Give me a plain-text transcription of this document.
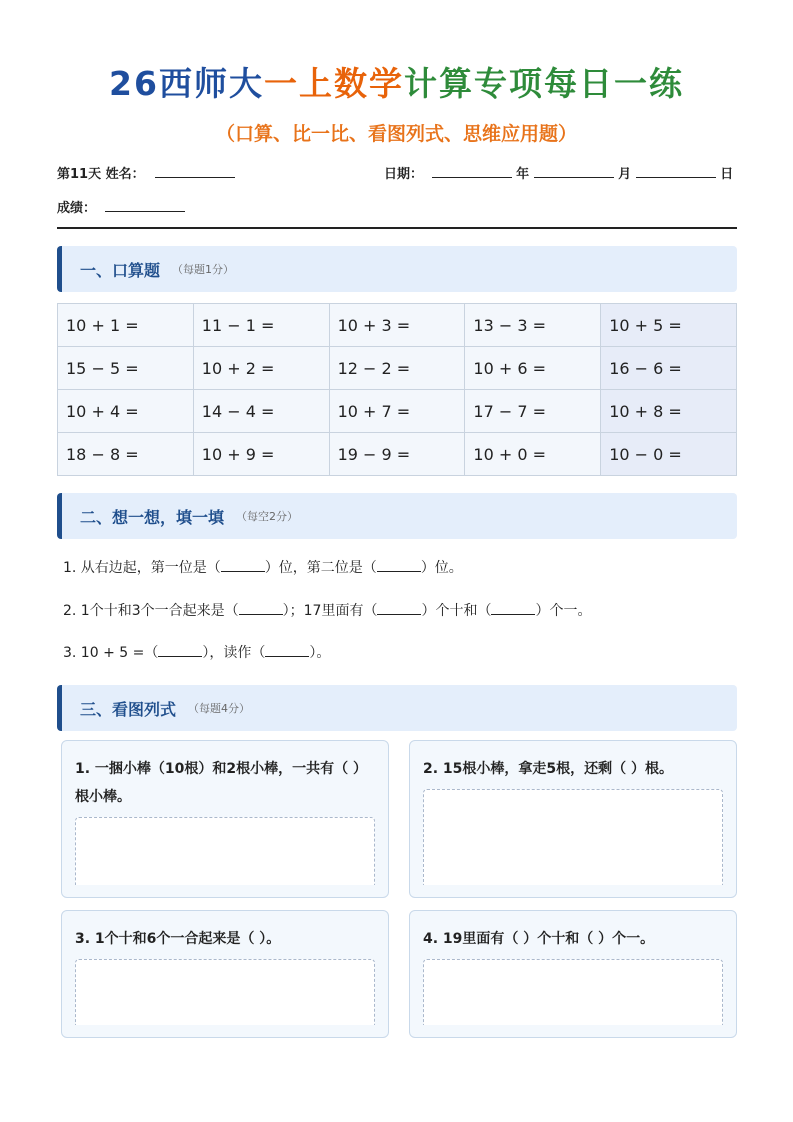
26西师大一上数学计算专项每日一练
（口算、比一比、看图列式、思维应用题）
第11天 姓名：	日期：	年	月	日
成绩：
一、口算题 （每题1分）
10 + 1 =	11 − 1 =	10 + 3 =	13 − 3 =	10 + 5 =
15 − 5 =	10 + 2 =	12 − 2 =	10 + 6 =	16 − 6 =
10 + 4 =	14 − 4 =	10 + 7 =	17 − 7 =	10 + 8 =
18 − 8 =	10 + 9 =	19 − 9 =	10 + 0 =	10 − 0 =
二、想一想，填一填 （每空2分）
1. 从右边起，第一位是（	）位，第二位是（	）位。
2. 1个十和3个一合起来是（	）；17里面有（	）个十和（	）个一。
3. 10 + 5 =（	），读作（	）。
三、看图列式 （每题4分）
1. 一捆小棒（10根）和2根小棒，一共有（ ）根小棒。
2. 15根小棒，拿走5根，还剩（ ）根。
3. 1个十和6个一合起来是（ ）。	4. 19里面有（ ）个十和（ ）个一。
